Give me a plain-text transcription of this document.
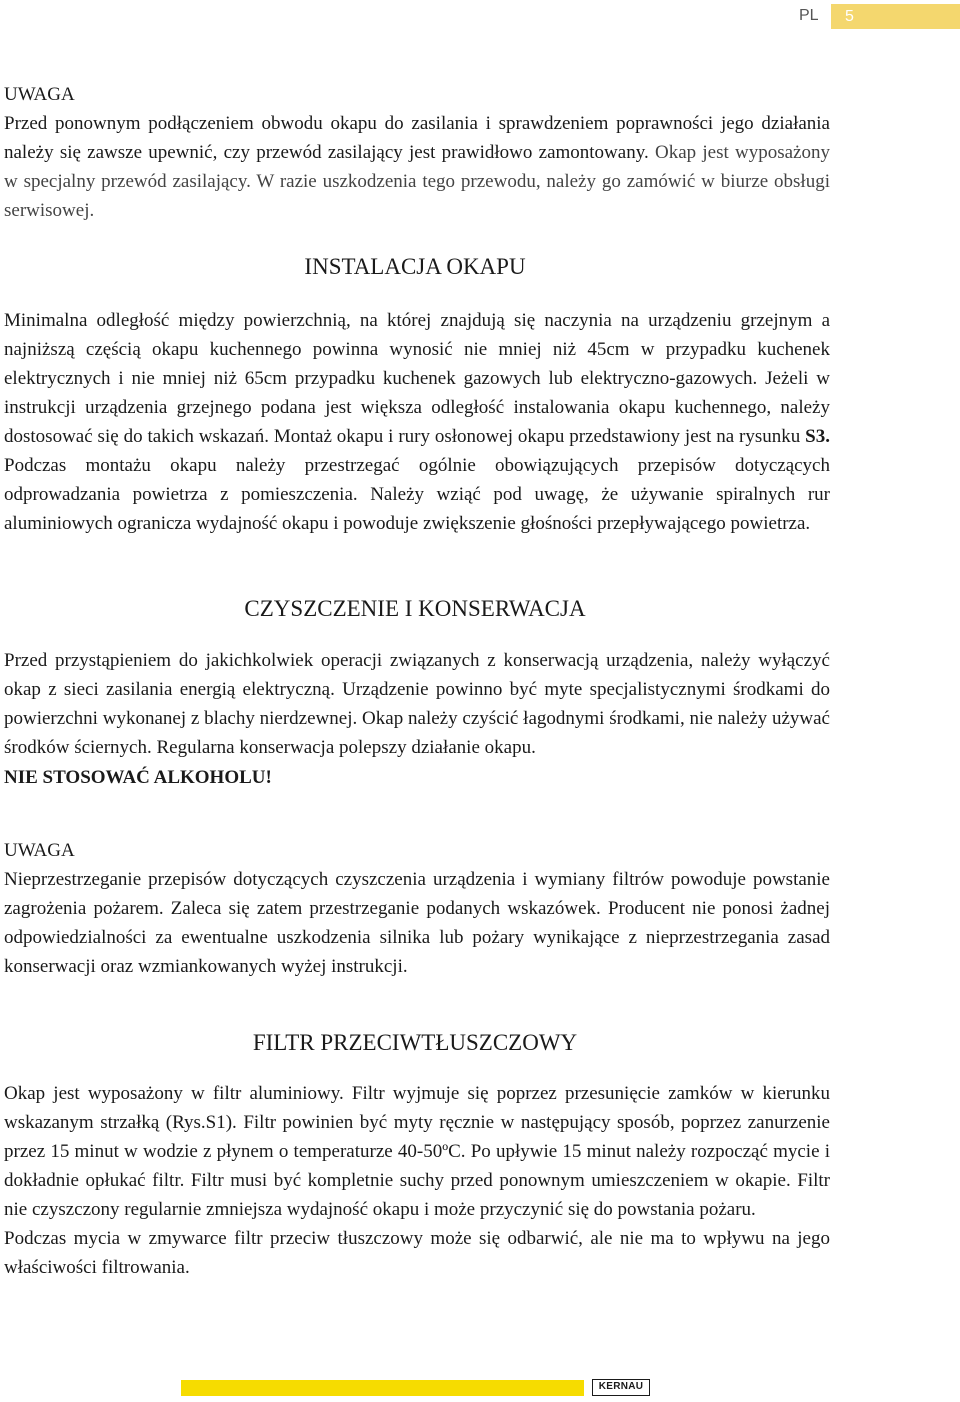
PL	5

UWAGA

Przed ponownym podłączeniem obwodu okapu do zasilania i sprawdzeniem poprawności jego działania należy się zawsze upewnić, czy przewód zasilający jest prawidłowo zamontowany. Okap jest wyposażony w specjalny przewód zasilający. W razie uszkodzenia tego przewodu, należy go zamówić w biurze obsługi serwisowej.

INSTALACJA OKAPU

Minimalna odległość między powierzchnią, na której znajdują się naczynia na urządzeniu grzejnym a najniższą częścią okapu kuchennego powinna wynosić nie mniej niż 45cm w przypadku kuchenek elektrycznych i nie mniej niż 65cm przypadku kuchenek gazowych lub elektryczno-gazowych. Jeżeli w instrukcji urządzenia grzejnego podana jest większa odległość instalowania okapu kuchennego, należy dostosować się do takich wskazań. Montaż okapu i rury osłonowej okapu przedstawiony jest na rysunku S3. Podczas montażu okapu należy przestrzegać ogólnie obowiązujących przepisów dotyczących odprowadzania powietrza z pomieszczenia. Należy wziąć pod uwagę, że używanie spiralnych rur aluminiowych ogranicza wydajność okapu i powoduje zwiększenie głośności przepływającego powietrza.

CZYSZCZENIE I KONSERWACJA

Przed przystąpieniem do jakichkolwiek operacji związanych z konserwacją urządzenia, należy wyłączyć okap z sieci zasilania energią elektryczną. Urządzenie powinno być myte specjalistycznymi środkami do powierzchni wykonanej z blachy nierdzewnej. Okap należy czyścić łagodnymi środkami, nie należy używać środków ściernych. Regularna konserwacja polepszy działanie okapu.

NIE STOSOWAĆ ALKOHOLU!

UWAGA

Nieprzestrzeganie przepisów dotyczących czyszczenia urządzenia i wymiany filtrów powoduje powstanie zagrożenia pożarem. Zaleca się zatem przestrzeganie podanych wskazówek. Producent nie ponosi żadnej odpowiedzialności za ewentualne uszkodzenia silnika lub pożary wynikające z nieprzestrzegania zasad konserwacji oraz wzmiankowanych wyżej instrukcji.

FILTR PRZECIWTŁUSZCZOWY

Okap jest wyposażony w filtr aluminiowy. Filtr wyjmuje się poprzez przesunięcie zamków w kierunku wskazanym strzałką (Rys.S1). Filtr powinien być myty ręcznie w następujący sposób, poprzez zanurzenie przez 15 minut w wodzie z płynem o temperaturze 40-50ºC. Po upływie 15 minut należy rozpocząć mycie i dokładnie opłukać filtr. Filtr musi być kompletnie suchy przed ponownym umieszczeniem w okapie. Filtr nie czyszczony regularnie zmniejsza wydajność okapu i może przyczynić się do powstania pożaru.

Podczas mycia w zmywarce filtr przeciw tłuszczowy może się odbarwić, ale nie ma to wpływu na jego właściwości filtrowania.

KERNAU
